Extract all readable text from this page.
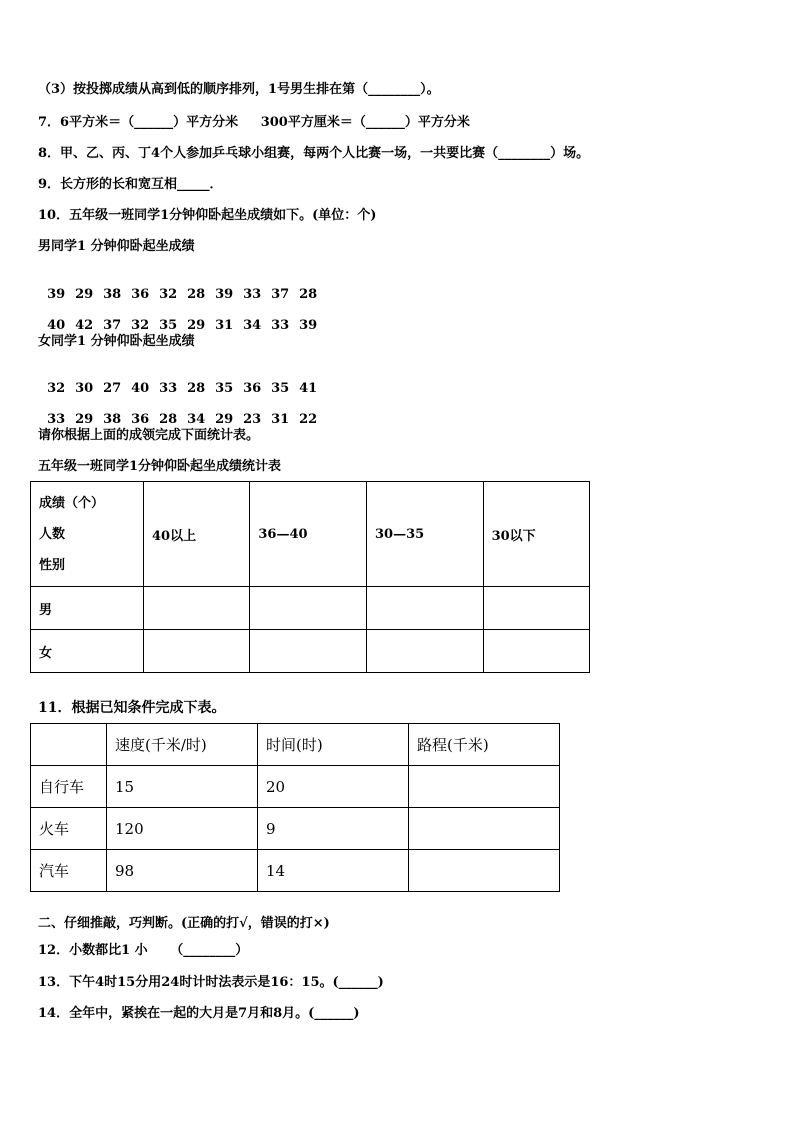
（3）按投掷成绩从高到低的顺序排列，1号男生排在第（________）。
7．6平方米＝（______）平方分米     300平方厘米＝（______）平方分米
8．甲、乙、丙、丁4个人参加乒乓球小组赛，每两个人比赛一场，一共要比赛（________）场。
9．长方形的长和宽互相_____．
10．五年级一班同学1分钟仰卧起坐成绩如下。(单位：个)
男同学1 分钟仰卧起坐成绩

39 29 38 36 32 28 39 33 37 28

40 42 37 32 35 29 31 34 33 39

女同学1 分钟仰卧起坐成绩

32 30 27 40 33 28 35 36 35 41

33 29 38 36 28 34 29 23 31 22

请你根据上面的成领完成下面统计表。
五年级一班同学1分钟仰卧起坐成绩统计表
成绩（个）
人数
性别	40以上	36—40	30—35	30以下
男				
女				
11．根据已知条件完成下表。
	速度(千米/时)	时间(时)	路程(千米)
自行车	15	20	
火车	120	9	
汽车	98	14	
二、仔细推敲，巧判断。(正确的打√，错误的打×)
12．小数都比1 小     （________）
13．下午4时15分用24时计时法表示是16：15。(______)
14．全年中，紧挨在一起的大月是7月和8月。(______)
